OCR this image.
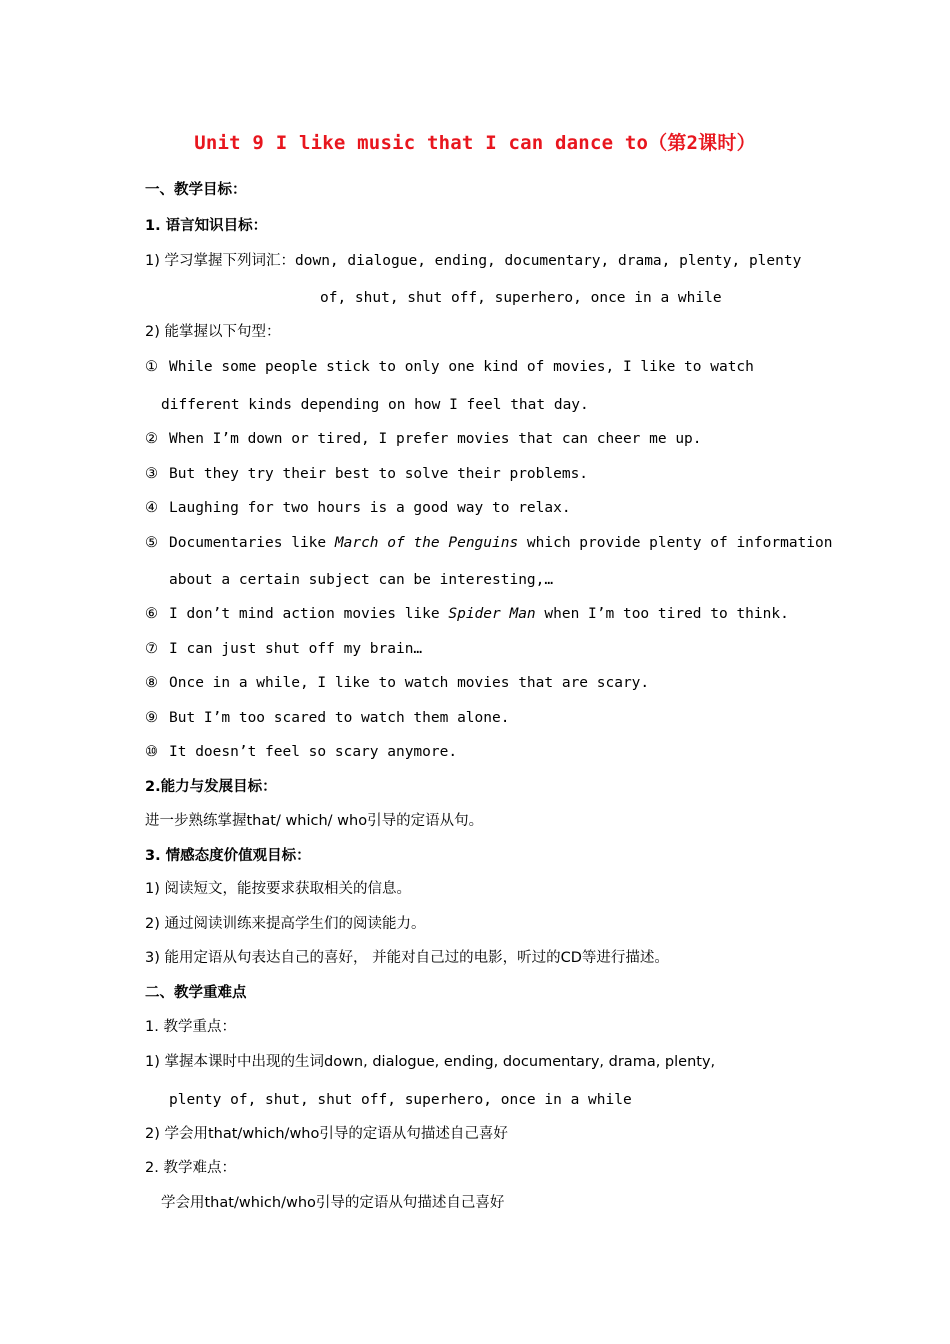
Unit 9 I like music that I can dance to（第2课时）
一、教学目标：
1. 语言知识目标：
1) 学习掌握下列词汇：down, dialogue, ending, documentary, drama, plenty, plenty
of, shut, shut off, superhero, once in a while
2) 能掌握以下句型：
① While some people stick to only one kind of movies, I like to watch
different kinds depending on how I feel that day.
② When I’m down or tired, I prefer movies that can cheer me up.
③ But they try their best to solve their problems.
④ Laughing for two hours is a good way to relax.
⑤ Documentaries like March of the Penguins which provide plenty of information
about a certain subject can be interesting,…
⑥ I don’t mind action movies like Spider Man when I’m too tired to think.
⑦ I can just shut off my brain…
⑧ Once in a while, I like to watch movies that are scary.
⑨ But I’m too scared to watch them alone.
⑩ It doesn’t feel so scary anymore.
2.能力与发展目标：
进一步熟练掌握that/ which/ who引导的定语从句。
3. 情感态度价值观目标：
1) 阅读短文，能按要求获取相关的信息。
2) 通过阅读训练来提高学生们的阅读能力。
3) 能用定语从句表达自己的喜好， 并能对自己过的电影，听过的CD等进行描述。
二、教学重难点
1. 教学重点：
1) 掌握本课时中出现的生词down, dialogue, ending, documentary, drama, plenty,
plenty of, shut, shut off, superhero, once in a while
2) 学会用that/which/who引导的定语从句描述自己喜好
2. 教学难点：
学会用that/which/who引导的定语从句描述自己喜好
